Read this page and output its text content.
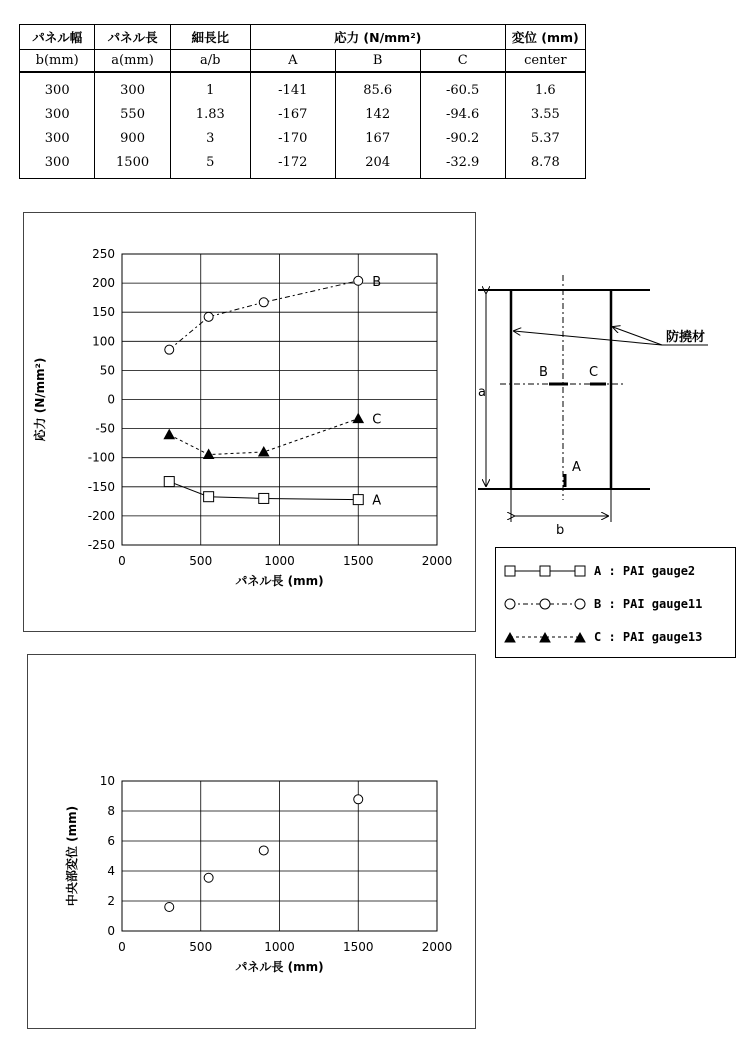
パネル幅	パネル長	細長比	応力 (N/mm²)			変位 (mm)
b(mm)	a(mm)	a/b	A	B	C	center
300	300	1	-141	85.6	-60.5	1.6
300	550	1.83	-167	142	-94.6	3.55
300	900	3	-170	167	-90.2	5.37
300	1500	5	-172	204	-32.9	8.78
-250
-200
-150
-100
-50
0
50
100
150
200
250
0	500	1000	1500	2000
パネル長 (mm)
応力 (N/mm²)
A
B
C
a
b
B	C
A
防撓材
A : PAI gauge2
B : PAI gauge11
C : PAI gauge13
0
2
4
6
8
10
0	500	1000	1500	2000
パネル長 (mm)
中央部変位 (mm)
